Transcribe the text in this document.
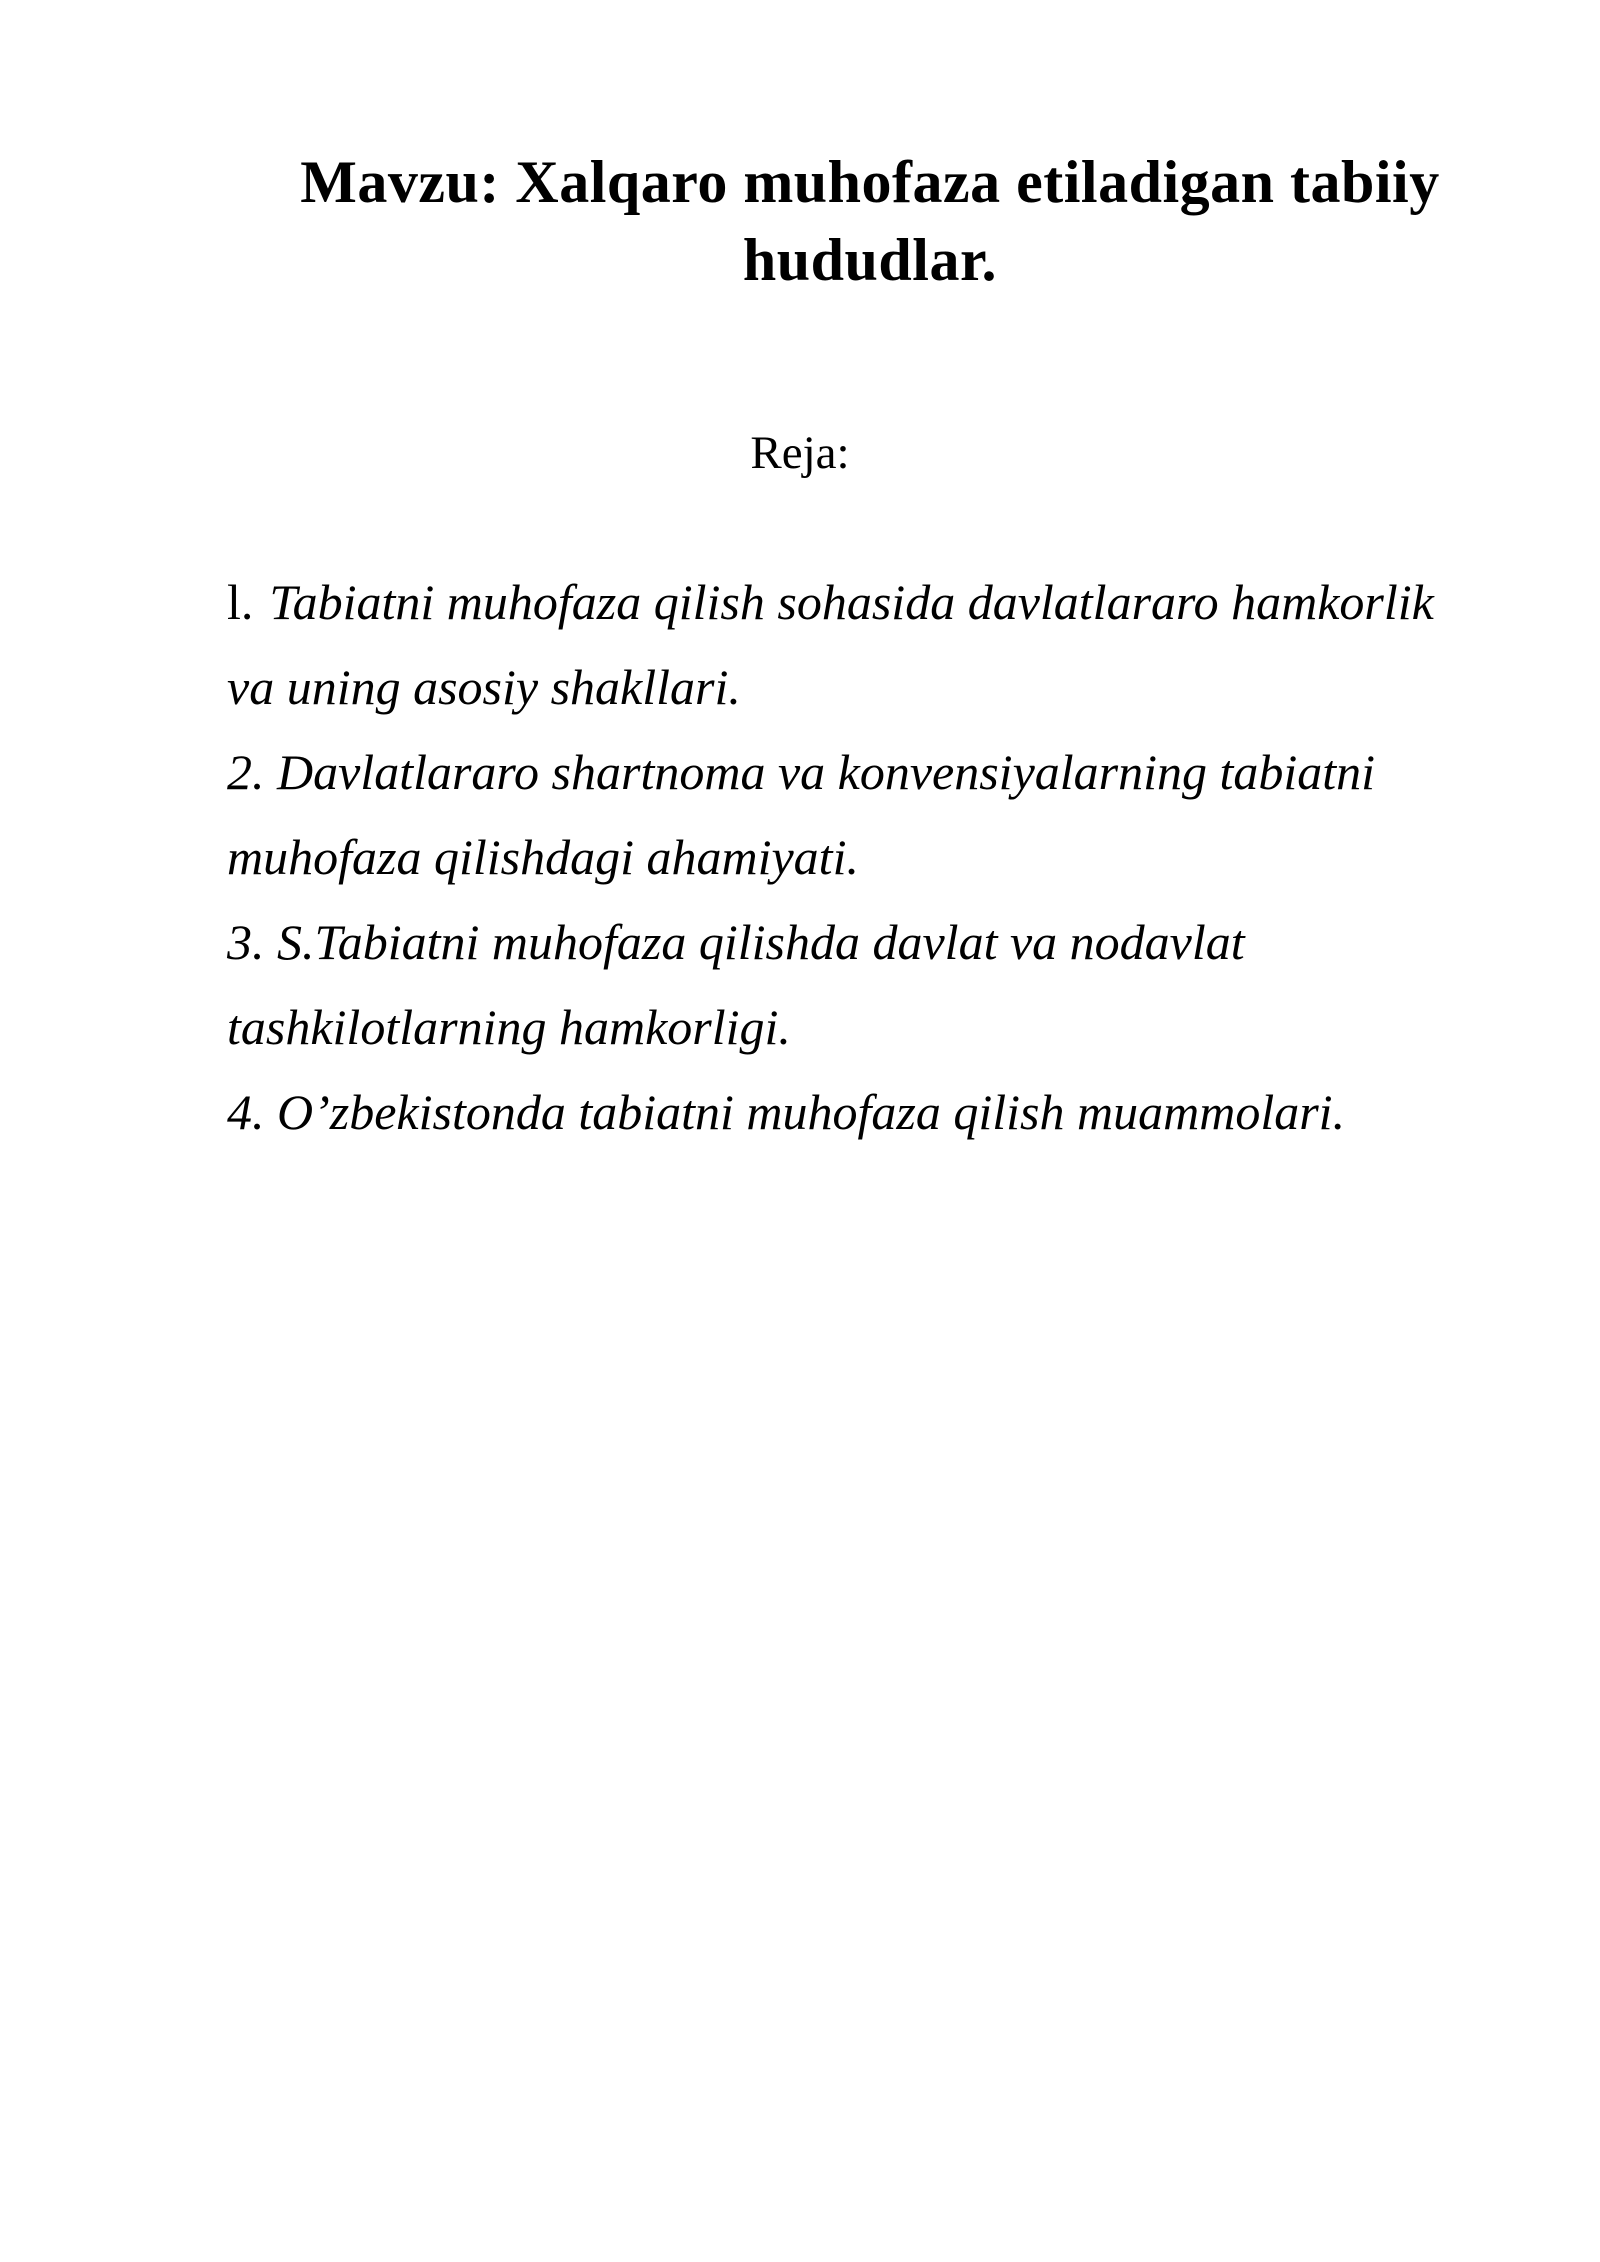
Mavzu: Xalqaro muhofaza etiladigan tabiiy
hududlar.
Reja:
l. Tabiatni muhofaza qilish sohasida davlatlararo hamkorlik
va uning asosiy shakllari.
2. Davlatlararo shartnoma va konvensiyalarning tabiatni
muhofaza qilishdagi ahamiyati.
3. S.Tabiatni muhofaza qilishda davlat va nodavlat
tashkilotlarning hamkorligi.
4. O’zbekistonda tabiatni muhofaza qilish muammolari.
